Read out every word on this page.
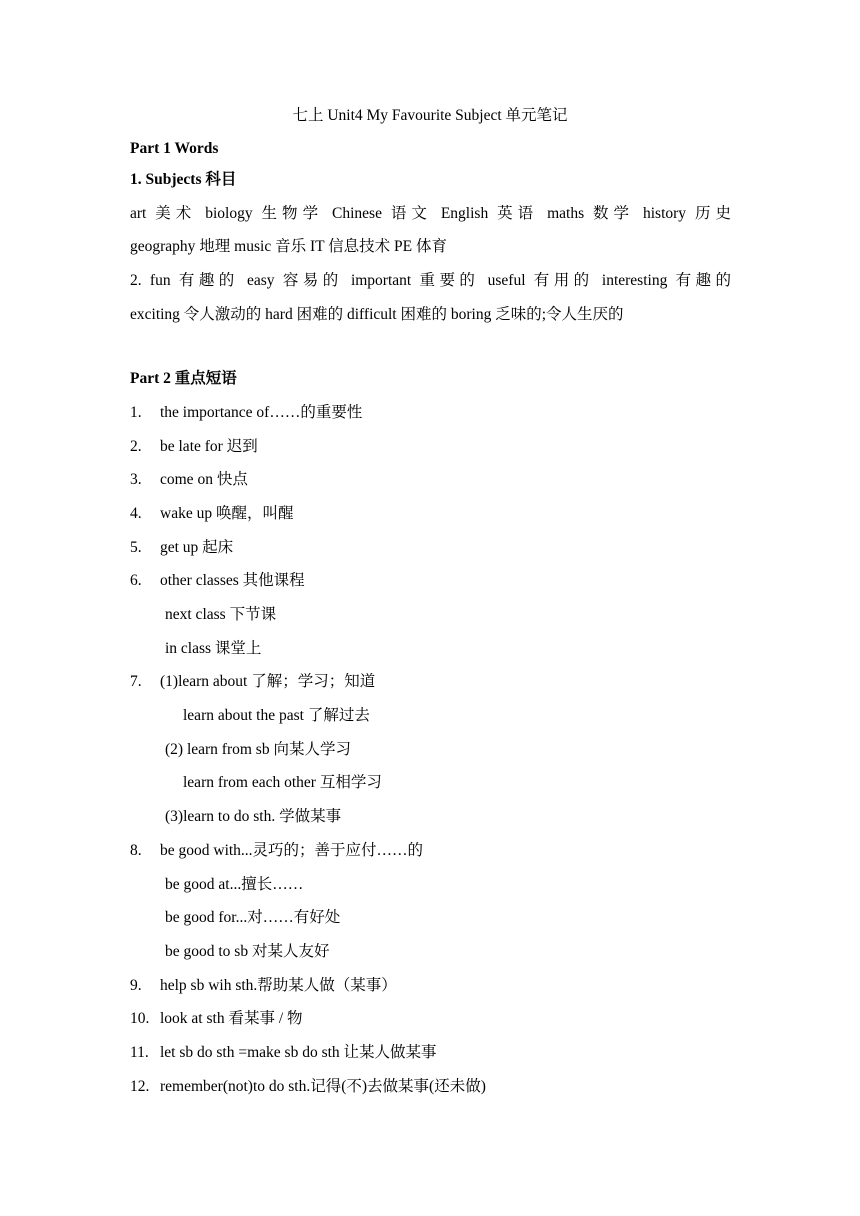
七上 Unit4 My Favourite Subject 单元笔记
Part 1 Words
1. Subjects 科目
art 美术 biology 生物学 Chinese 语文 English 英语 maths 数学 history 历史
geography 地理 music 音乐 IT 信息技术 PE 体育
2. fun 有趣的 easy 容易的 important 重要的 useful 有用的 interesting 有趣的
exciting 令人激动的 hard 困难的 difficult 困难的 boring 乏味的;令人生厌的
Part 2 重点短语
1. the importance of……的重要性
2. be late for 迟到
3. come on 快点
4. wake up 唤醒，叫醒
5. get up 起床
6. other classes 其他课程
next class 下节课
in class 课堂上
7. (1)learn about 了解；学习；知道
learn about the past 了解过去
(2) learn from sb 向某人学习
learn from each other 互相学习
(3)learn to do sth. 学做某事
8. be good with...灵巧的；善于应付……的
be good at...擅长……
be good for...对……有好处
be good to sb 对某人友好
9. help sb wih sth.帮助某人做（某事）
10. look at sth 看某事 / 物
11. let sb do sth =make sb do sth 让某人做某事
12. remember(not)to do sth.记得(不)去做某事(还未做)
